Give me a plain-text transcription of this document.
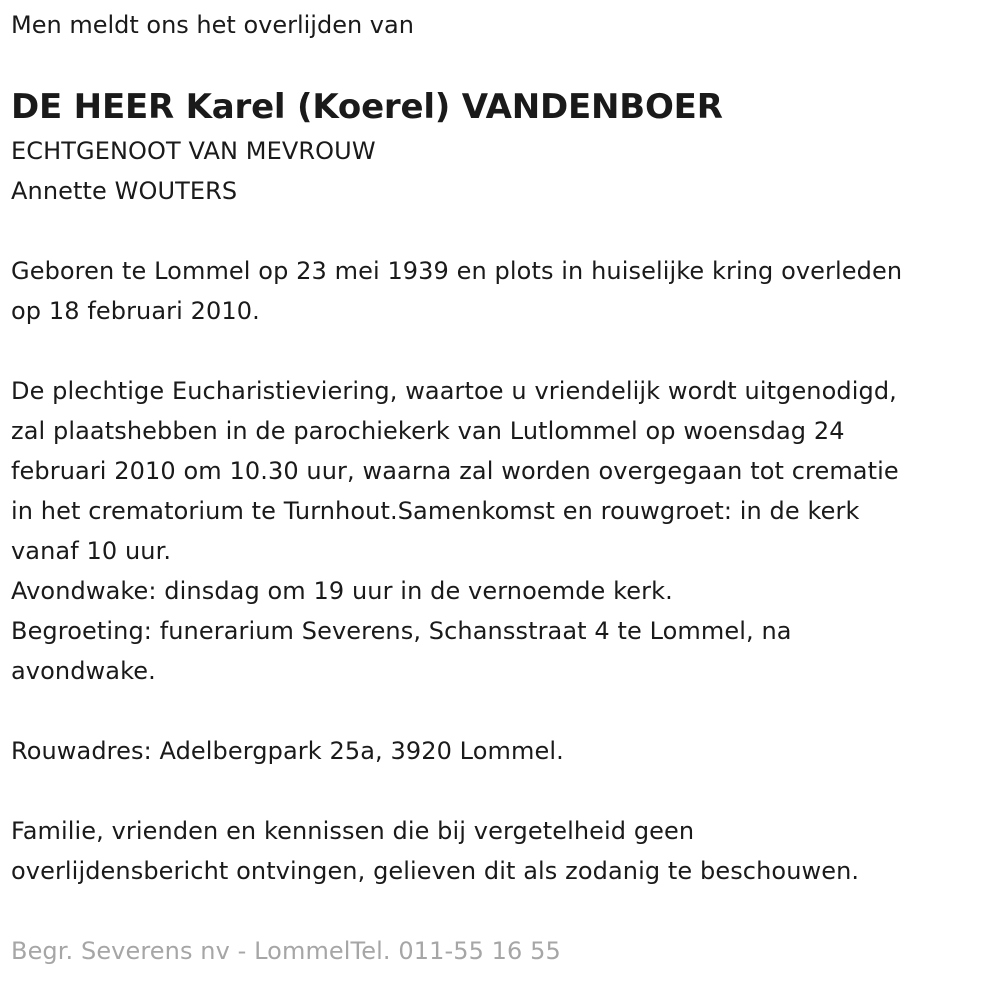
Men meldt ons het overlijden van
DE HEER Karel (Koerel) VANDENBOER
ECHTGENOOT VAN MEVROUW
Annette WOUTERS
Geboren te Lommel op 23 mei 1939 en plots in huiselijke kring overleden
op 18 februari 2010.
De plechtige Eucharistieviering, waartoe u vriendelijk wordt uitgenodigd,
zal plaatshebben in de parochiekerk van Lutlommel op woensdag 24
februari 2010 om 10.30 uur, waarna zal worden overgegaan tot crematie
in het crematorium te Turnhout.Samenkomst en rouwgroet: in de kerk
vanaf 10 uur.
Avondwake: dinsdag om 19 uur in de vernoemde kerk.
Begroeting: funerarium Severens, Schansstraat 4 te Lommel, na
avondwake.
Rouwadres: Adelbergpark 25a, 3920 Lommel.
Familie, vrienden en kennissen die bij vergetelheid geen
overlijdensbericht ontvingen, gelieven dit als zodanig te beschouwen.
Begr. Severens nv - LommelTel. 011-55 16 55
